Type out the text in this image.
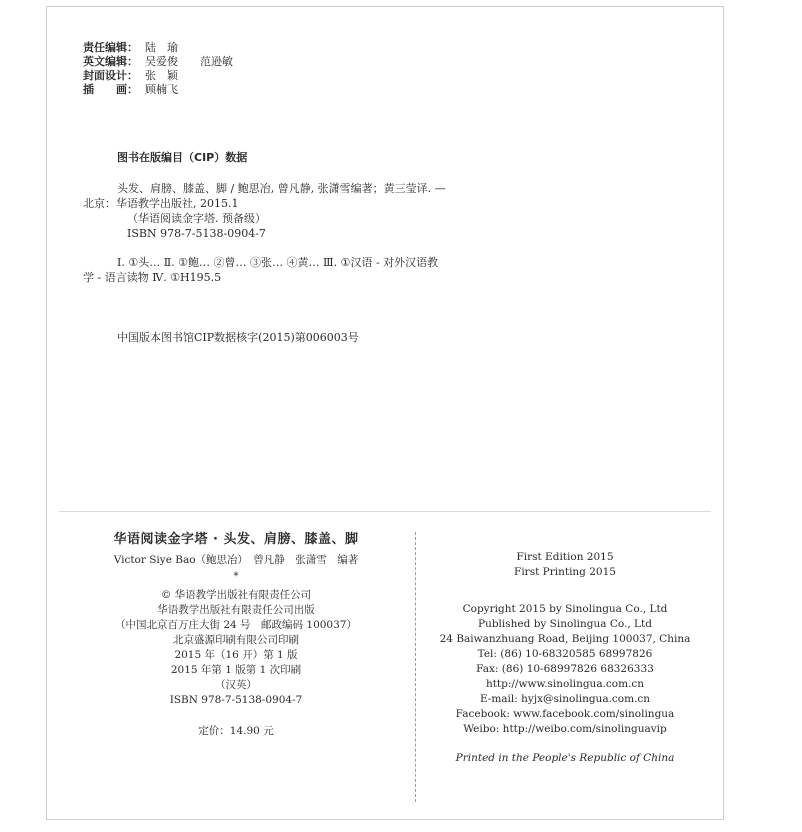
责任编辑： 陆　瑜
英文编辑： 吴爱俊　　范逊敏
封面设计： 张　颖
插　　画： 顾楠飞
图书在版编目（CIP）数据
头发、肩膀、膝盖、脚 / 鲍思冶, 曾凡静, 张潇雪编著；黄三莹译. —
北京：华语教学出版社, 2015.1
（华语阅读金字塔. 预备级）
ISBN 978-7-5138-0904-7
Ⅰ. ①头… Ⅱ. ①鲍… ②曾… ③张… ④黄… Ⅲ. ①汉语 - 对外汉语教
学 - 语言读物 Ⅳ. ①H195.5
中国版本图书馆CIP数据核字(2015)第006003号
华语阅读金字塔 · 头发、肩膀、膝盖、脚
Victor Siye Bao（鲍思冶）　曾凡静　张潇雪　编著
*
© 华语教学出版社有限责任公司
华语教学出版社有限责任公司出版
（中国北京百万庄大街 24 号　邮政编码 100037）
北京盛源印刷有限公司印刷
2015 年（16 开）第 1 版
2015 年第 1 版第 1 次印刷
（汉英）
ISBN 978-7-5138-0904-7
定价：14.90 元
First Edition 2015
First Printing 2015
Copyright 2015 by Sinolingua Co., Ltd
Published by Sinolingua Co., Ltd
24 Baiwanzhuang Road, Beijing 100037, China
Tel: (86) 10-68320585 68997826
Fax: (86) 10-68997826 68326333
http://www.sinolingua.com.cn
E-mail: hyjx@sinolingua.com.cn
Facebook: www.facebook.com/sinolingua
Weibo: http://weibo.com/sinolinguavip
Printed in the People's Republic of China
